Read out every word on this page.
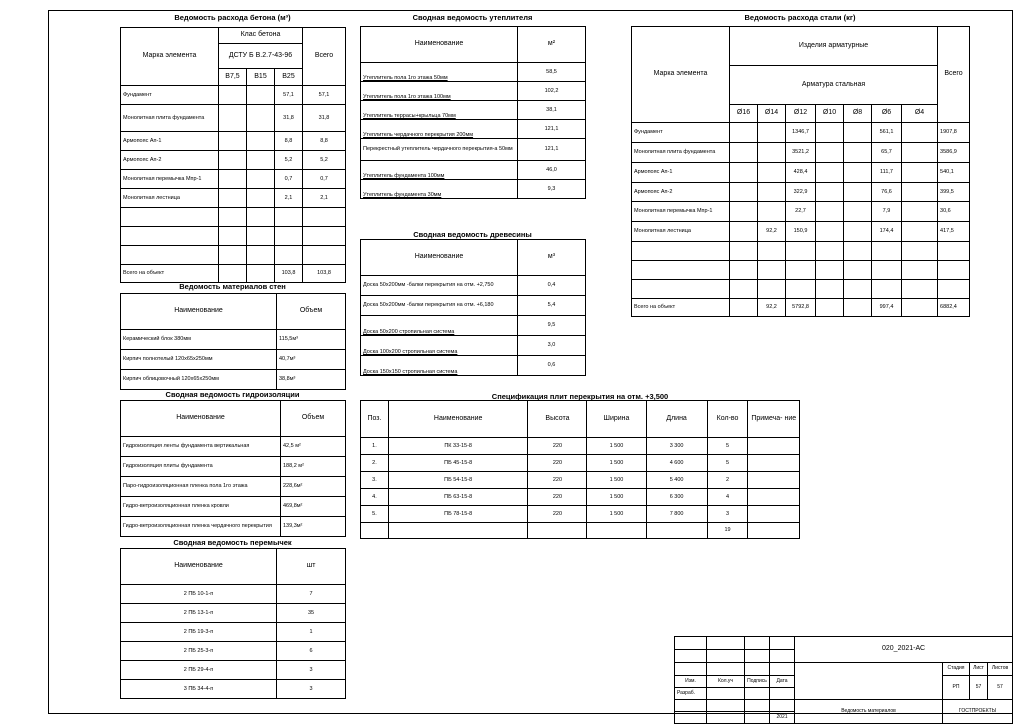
Ведомость расхода бетона (м³)
Марка элемента	Клас бетона			Всего
	ДСТУ Б В.2.7-43-96			
	B7,5	B15	B25	
Фундамент			57,1	57,1
Монолитная плита фундамента			31,8	31,8
Армопояс Ап-1			8,8	8,8
Армопояс Ап-2			5,2	5,2
Монолитная перемычка Мпр-1			0,7	0,7
Монолитная лестница			2,1	2,1

Всего на объект			103,8	103,8
Ведомость материалов стен
Наименование	Объем
Керамический блок 380мм	115,5м³
Кирпич полнотелый 120х65х250мм	40,7м³
Кирпич облицовочный 120х65х250мм	38,8м³
Сводная ведомость гидроизоляции
Наименование	Объем
Гидроизоляция ленты фундамента вертикальная	42,5 м²
Гидроизоляция плиты фундамента	188,2 м²
Паро-гидроизоляционная пленка пола 1го этажа	228,6м²
Гидро-ветроизоляционная пленка кровли	469,8м²
Гидро-ветроизоляционная пленка чердачного перекрытия	139,3м²
Сводная ведомость перемычек
Наименование	шт
2 ПБ 10-1-п	7
2 ПБ 13-1-п	35
2 ПБ 19-3-п	1
2 ПБ 25-3-п	6
2 ПБ 29-4-п	3
3 ПБ 34-4-п	3
Сводная ведомость утеплителя
Наименование	м²
Утеплитель пола 1го этажа 50мм	58,5
Утеплитель пола 1го этажа 100мм	102,2
Утеплитель террасы+крыльца 70мм	38,1
Утеплитель чердачного перекрытия 200мм	121,1
Перекрестный утеплитель чердачного перекрытия-а 50мм	121,1
Утеплитель фундамента 100мм	46,0
Утеплитель фундамента 30мм	9,3
Сводная ведомость древесины
Наименование	м³
Доска 50х200мм -балки перекрытия на отм. +2,750	0,4
Доска 50х200мм -балки перекрытия на отм. +6,180	5,4
Доска 50х200 стропильная система	9,5
Доска 100х200 стропильная система	3,0
Доска 150х150 стропильная система	0,6
Ведомость расхода стали (кг)
Марка элемента	Изделия арматурные							Всего
	Арматура стальная							
	Ø16	Ø14	Ø12	Ø10	Ø8	Ø6	Ø4	
Фундамент			1346,7			561,1		1907,8
Монолитная плита фундамента			3521,2			65,7		3586,9
Армопояс Ап-1			428,4			111,7		540,1
Армопояс Ап-2			322,9			76,6		399,5
Монолитная перемычка Мпр-1			22,7			7,9		30,6
Монолитная лестница		92,2	150,9			174,4		417,5

Всего на объект		92,2	5792,8			997,4		6882,4
Спецификация плит перекрытия на отм. +3,500
Поз.	Наименование	Высота	Ширина	Длина	Кол-во	Примеча- ние
1.	ПК 33-15-8	220	1 500	3 300	5	
2.	ПБ 45-15-8	220	1 500	4 600	5	
3.	ПБ 54-15-8	220	1 500	5 400	2	
4.	ПБ 63-15-8	220	1 500	6 300	4	
5.	ПБ 78-15-8	220	1 500	7 800	3	
					19	
				020_2021-АС			

					Стадия	Лист	Листов
Изм.	Кол.уч	Подпись	Дата		РП	57	57
Разраб.							
				Ведомость материалов	ГОСТПРОЕКТЫ		
			2021				
